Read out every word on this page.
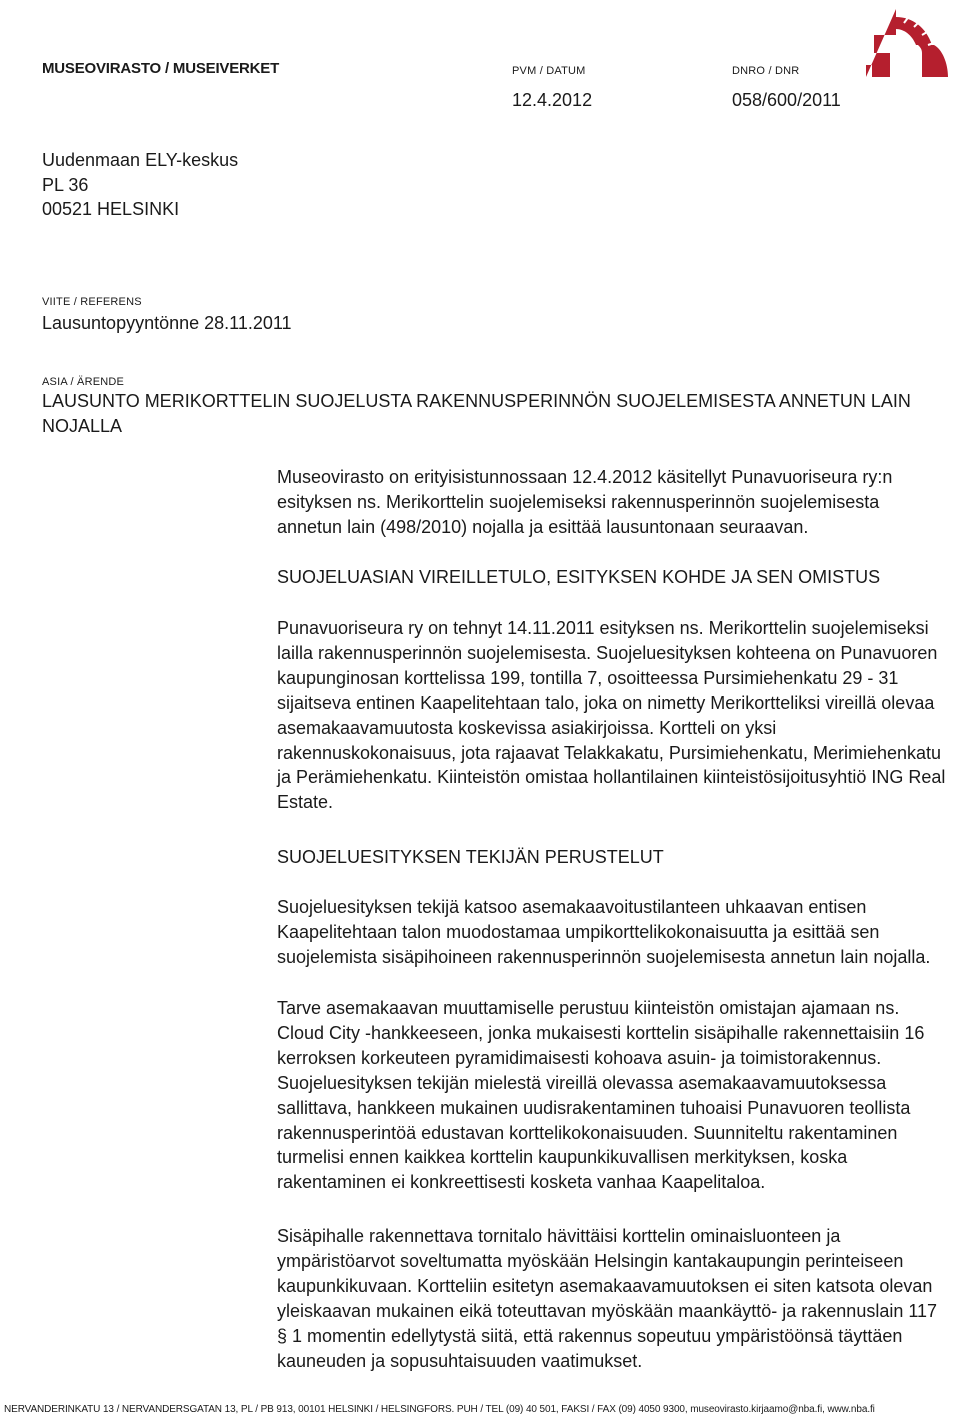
MUSEOVIRASTO / MUSEIVERKET	PVM / DATUM
12.4.2012
DNRO / DNR
058/600/2011
Uudenmaan ELY-keskus
PL 36
00521 HELSINKI
VIITE / REFERENS
Lausuntopyyntönne 28.11.2011
ASIA / ÄRENDE
LAUSUNTO MERIKORTTELIN SUOJELUSTA RAKENNUSPERINNÖN SUOJELEMISESTA ANNETUN LAIN NOJALLA
Museovirasto on erityisistunnossaan 12.4.2012 käsitellyt Punavuoriseura ry:n esityksen ns. Merikorttelin suojelemiseksi rakennusperinnön suojelemisesta annetun lain (498/2010) nojalla ja esittää lausuntonaan seuraavan.
SUOJELUASIAN VIREILLETULO, ESITYKSEN KOHDE JA SEN OMISTUS
Punavuoriseura ry on tehnyt 14.11.2011 esityksen ns. Merikorttelin suojelemiseksi lailla rakennusperinnön suojelemisesta. Suojeluesityksen kohteena on Punavuoren kaupunginosan korttelissa 199, tontilla 7, osoitteessa Pursimiehenkatu 29 - 31 sijaitseva entinen Kaapelitehtaan talo, joka on nimetty Merikortteliksi vireillä olevaa asemakaavamuutosta koskevissa asiakirjoissa. Kortteli on yksi rakennuskokonaisuus, jota rajaavat Telakkakatu, Pursimiehenkatu, Merimiehenkatu ja Perämiehenkatu. Kiinteistön omistaa hollantilainen kiinteistösijoitusyhtiö ING Real Estate.
SUOJELUESITYKSEN TEKIJÄN PERUSTELUT
Suojeluesityksen tekijä katsoo asemakaavoitustilanteen uhkaavan entisen Kaapelitehtaan talon muodostamaa umpikorttelikokonaisuutta ja esittää sen suojelemista sisäpihoineen rakennusperinnön suojelemisesta annetun lain nojalla.
Tarve asemakaavan muuttamiselle perustuu kiinteistön omistajan ajamaan ns. Cloud City -hankkeeseen, jonka mukaisesti korttelin sisäpihalle rakennettaisiin 16 kerroksen korkeuteen pyramidimaisesti kohoava asuin- ja toimistorakennus. Suojeluesityksen tekijän mielestä vireillä olevassa asemakaavamuutoksessa sallittava, hankkeen mukainen uudisrakentaminen tuhoaisi Punavuoren teollista rakennusperintöä edustavan korttelikokonaisuuden. Suunniteltu rakentaminen turmelisi ennen kaikkea korttelin kaupunkikuvallisen merkityksen, koska rakentaminen ei konkreettisesti kosketa vanhaa Kaapelitaloa.
Sisäpihalle rakennettava tornitalo hävittäisi korttelin ominaisluonteen ja ympäristöarvot soveltumatta myöskään Helsingin kantakaupungin perinteiseen kaupunkikuvaan. Kortteliin esitetyn asemakaavamuutoksen ei siten katsota olevan yleiskaavan mukainen eikä toteuttavan myöskään maankäyttö- ja rakennuslain 117 § 1 momentin edellytystä siitä, että rakennus sopeutuu ympäristöönsä täyttäen kauneuden ja sopusuhtaisuuden vaatimukset.
NERVANDERINKATU 13 / NERVANDERSGATAN 13, PL / PB 913, 00101 HELSINKI / HELSINGFORS. PUH / TEL (09) 40 501, FAKSI / FAX (09) 4050 9300, museovirasto.kirjaamo@nba.fi, www.nba.fi
